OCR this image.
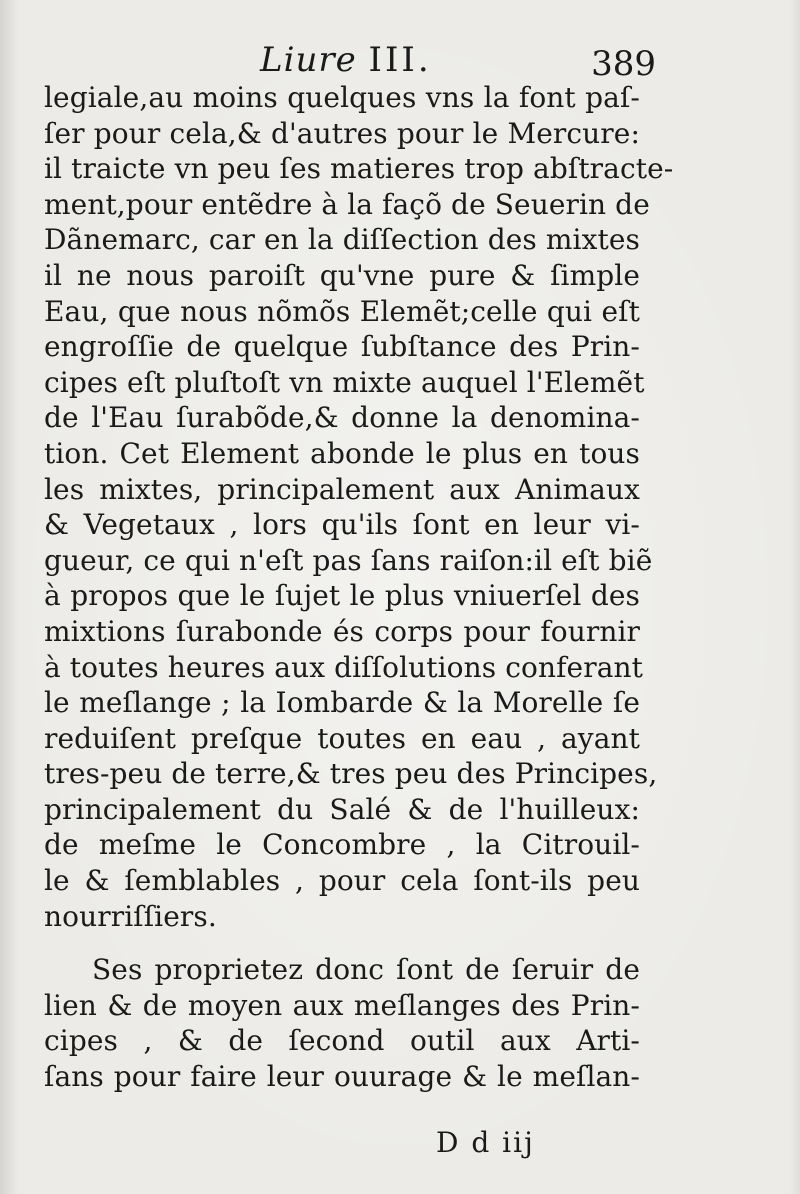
Liure III.	389
legiale,au moins quelques vns la font paſ-
ſer pour cela,& d'autres pour le Mercure:
il traicte vn peu ſes matieres trop abſtracte-
ment,pour entẽdre à la façõ de Seuerin de
Dãnemarc, car en la diſſection des mixtes
il ne nous paroiſt qu'vne pure & ſimple
Eau, que nous nõmõs Elemẽt;celle qui eſt
engroſſie de quelque ſubſtance des Prin-
cipes eſt pluſtoſt vn mixte auquel l'Elemẽt
de l'Eau ſurabõde,& donne la denomina-
tion. Cet Element abonde le plus en tous
les mixtes, principalement aux Animaux
& Vegetaux , lors qu'ils ſont en leur vi-
gueur, ce qui n'eſt pas ſans raiſon:il eſt biẽ
à propos que le ſujet le plus vniuerſel des
mixtions ſurabonde és corps pour fournir
à toutes heures aux diſſolutions conferant
le meſlange ; la Iombarde & la Morelle ſe
reduiſent preſque toutes en eau , ayant
tres-peu de terre,& tres peu des Principes,
principalement du Salé & de l'huilleux:
de meſme le Concombre , la Citrouil-
le & ſemblables , pour cela ſont-ils peu
nourriſſiers.
Ses proprietez donc ſont de ſeruir de
lien & de moyen aux meſlanges des Prin-
cipes , & de ſecond outil aux Arti-
ſans pour faire leur ouurage & le meſlan-
D d iij
